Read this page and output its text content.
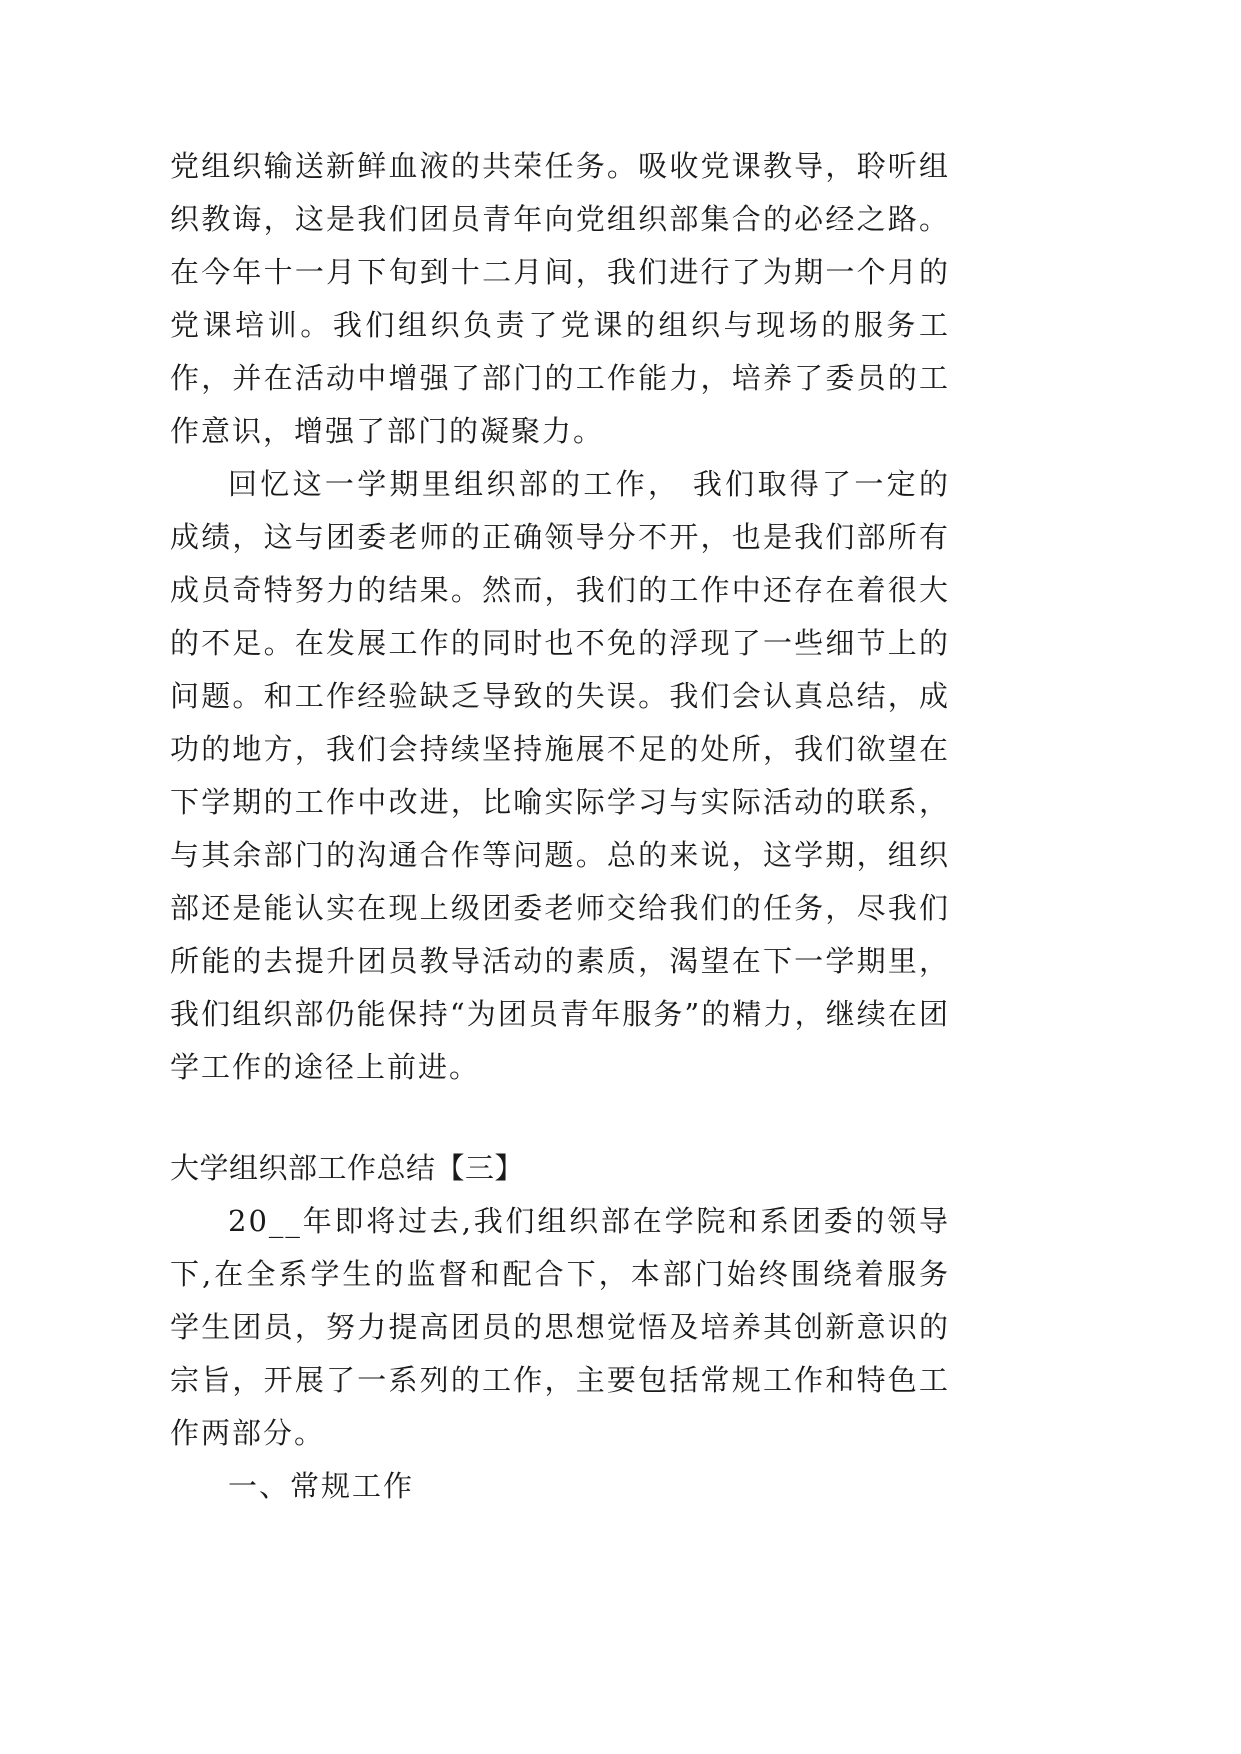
党组织输送新鲜血液的共荣任务。吸收党课教导，聆听组织教诲，这是我们团员青年向党组织部集合的必经之路。在今年十一月下旬到十二月间，我们进行了为期一个月的党课培训。我们组织负责了党课的组织与现场的服务工作，并在活动中增强了部门的工作能力，培养了委员的工作意识，增强了部门的凝聚力。

回忆这一学期里组织部的工作， 我们取得了一定的成绩，这与团委老师的正确领导分不开，也是我们部所有成员奇特努力的结果。然而，我们的工作中还存在着很大的不足。在发展工作的同时也不免的浮现了一些细节上的问题。和工作经验缺乏导致的失误。我们会认真总结，成功的地方，我们会持续坚持施展不足的处所，我们欲望在下学期的工作中改进，比喻实际学习与实际活动的联系，与其余部门的沟通合作等问题。总的来说，这学期，组织部还是能认实在现上级团委老师交给我们的任务，尽我们所能的去提升团员教导活动的素质，渴望在下一学期里，我们组织部仍能保持“为团员青年服务”的精力，继续在团学工作的途径上前进。

大学组织部工作总结【三】

20__年即将过去,我们组织部在学院和系团委的领导下,在全系学生的监督和配合下，本部门始终围绕着服务学生团员，努力提高团员的思想觉悟及培养其创新意识的宗旨，开展了一系列的工作，主要包括常规工作和特色工作两部分。

一、常规工作
